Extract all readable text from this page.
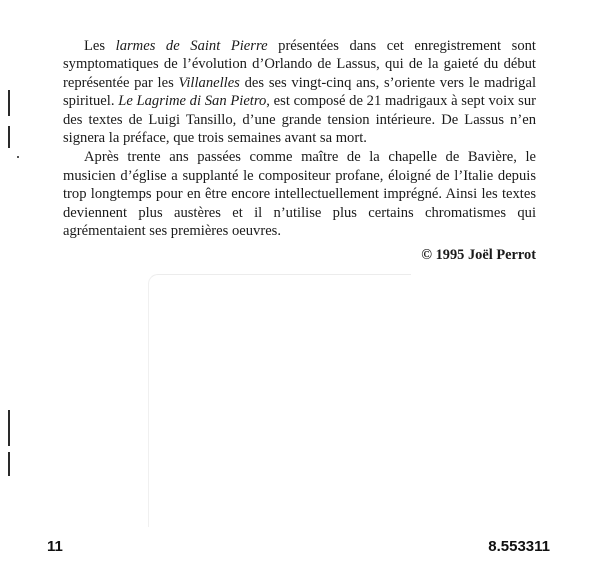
Les larmes de Saint Pierre présentées dans cet enregistrement sont symptomatiques de l’évolution d’Orlando de Lassus, qui de la gaieté du début représentée par les Villanelles des ses vingt-cinq ans, s’oriente vers le madrigal spirituel. Le Lagrime di San Pietro, est composé de 21 madrigaux à sept voix sur des textes de Luigi Tansillo, d’une grande tension intérieure. De Lassus n’en signera la préface, que trois semaines avant sa mort.

Après trente ans passées comme maître de la chapelle de Bavière, le musicien d’église a supplanté le compositeur profane, éloigné de l’Italie depuis trop longtemps pour en être encore intellectuellement imprégné. Ainsi les textes deviennent plus austères et il n’utilise plus certains chromatismes qui agrémentaient ses premières oeuvres.

© 1995 Joël Perrot

11	8.553311
